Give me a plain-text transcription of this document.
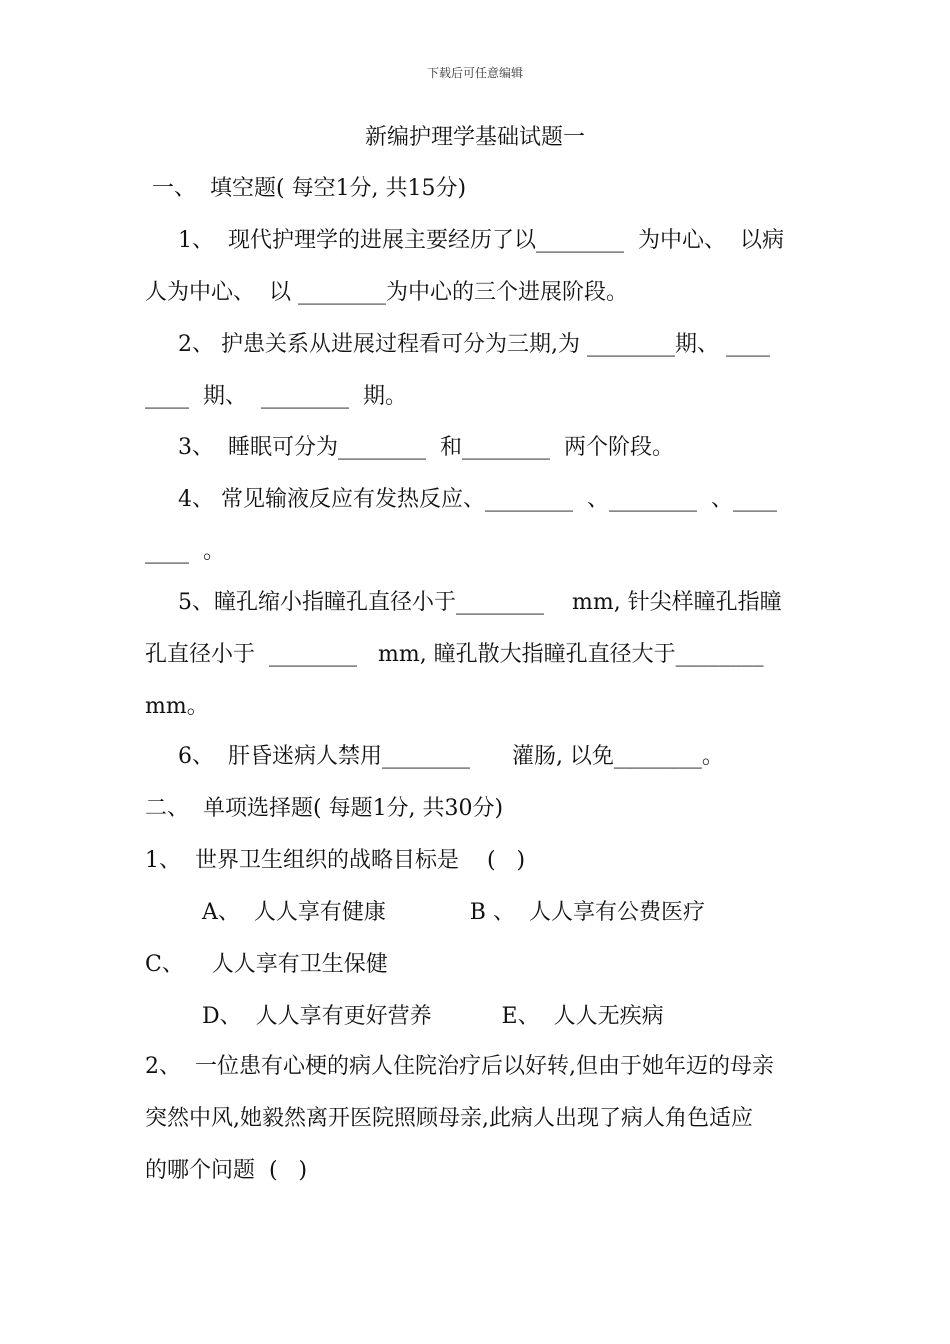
下载后可任意编辑
新编护理学基础试题一
一、  填空题( 每空1分, 共15分)
1、  现代护理学的进展主要经历了以________  为中心、  以病
人为中心、  以 ________为中心的三个进展阶段。
2、 护患关系从进展过程看可分为三期,为 ________期、 ____
____  期、  ________  期。
3、  睡眠可分为________  和________  两个阶段。
4、 常见输液反应有发热反应、________  、________  、____
____  。
5、瞳孔缩小指瞳孔直径小于________    mm, 针尖样瞳孔指瞳
孔直径小于  ________   mm, 瞳孔散大指瞳孔直径大于________
mm。
6、  肝昏迷病人禁用________      灌肠, 以免________。
二、  单项选择题( 每题1分, 共30分)
1、  世界卫生组织的战略目标是    (   )
A、  人人享有健康            B 、  人人享有公费医疗
C、    人人享有卫生保健
D、  人人享有更好营养          E、  人人无疾病
2、  一位患有心梗的病人住院治疗后以好转,但由于她年迈的母亲
突然中风,她毅然离开医院照顾母亲,此病人出现了病人角色适应
的哪个问题  (   )
